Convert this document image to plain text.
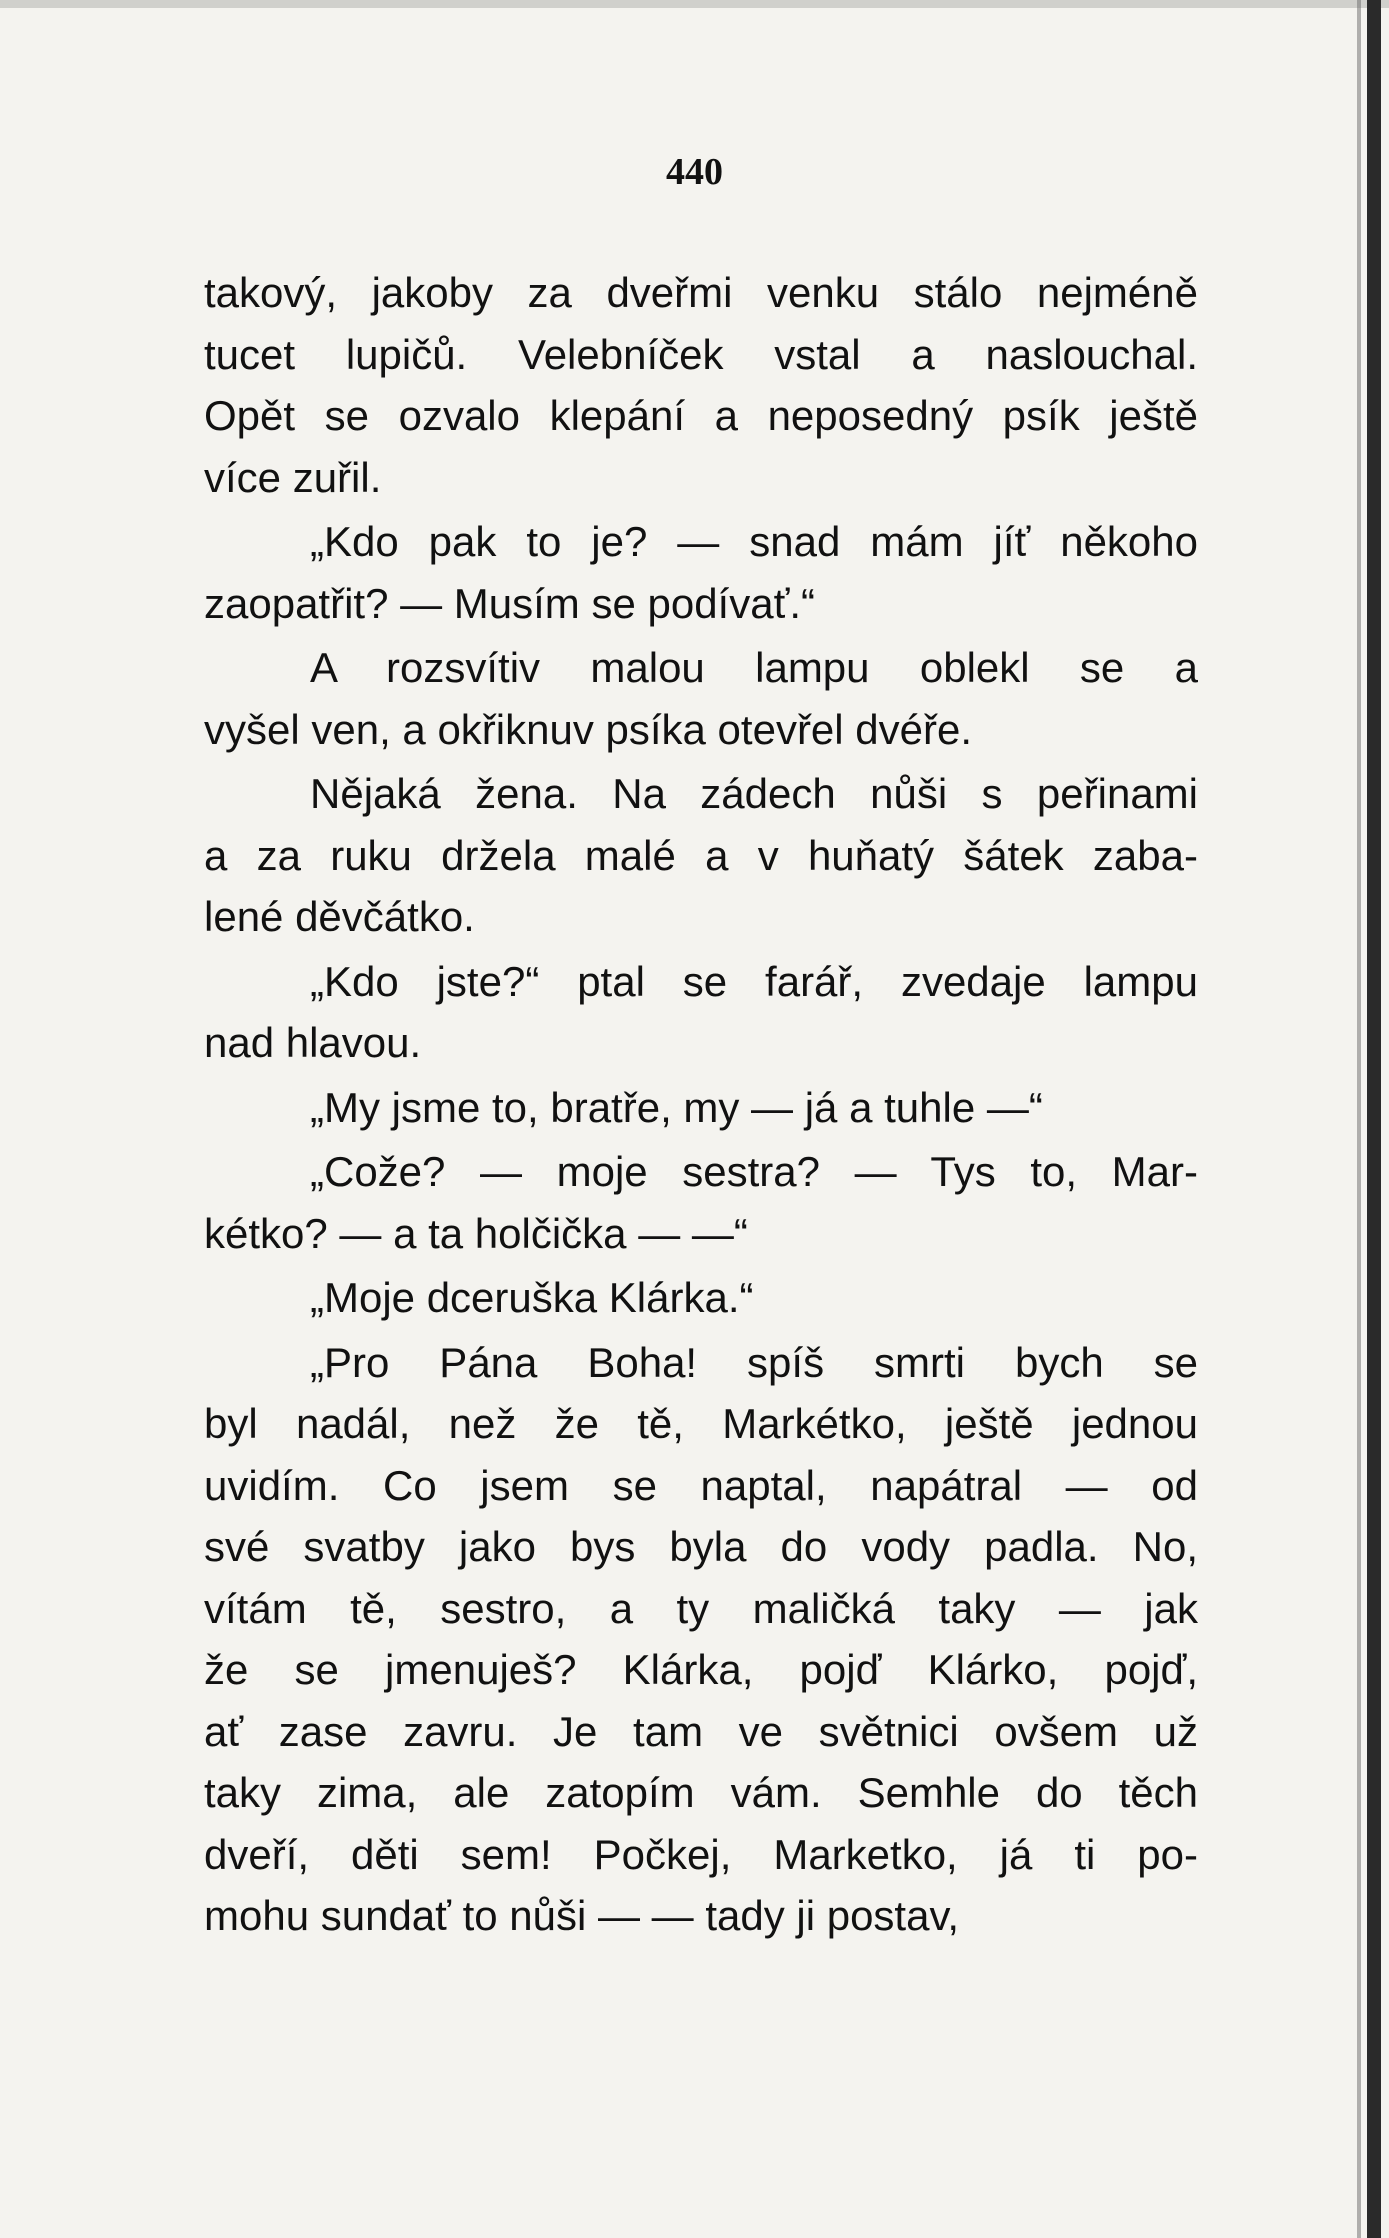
440
takový, jakoby za dveřmi venku stálo nejméně
tucet lupičů. Velebníček vstal a naslouchal.
Opět se ozvalo klepání a neposedný psík ještě
více zuřil.
„Kdo pak to je? — snad mám jíť někoho
zaopatřit? — Musím se podívať.“
A rozsvítiv malou lampu oblekl se a
vyšel ven, a okřiknuv psíka otevřel dvéře.
Nějaká žena. Na zádech nůši s peřinami
a za ruku držela malé a v huňatý šátek zaba-
lené děvčátko.
„Kdo jste?“ ptal se farář, zvedaje lampu
nad hlavou.
„My jsme to, bratře, my — já a tuhle —“
„Cože? — moje sestra? — Tys to, Mar-
kétko? — a ta holčička — —“
„Moje dceruška Klárka.“
„Pro Pána Boha! spíš smrti bych se
byl nadál, než že tě, Markétko, ještě jednou
uvidím. Co jsem se naptal, napátral — od
své svatby jako bys byla do vody padla. No,
vítám tě, sestro, a ty maličká taky — jak
že se jmenuješ? Klárka, pojď Klárko, pojď,
ať zase zavru. Je tam ve světnici ovšem už
taky zima, ale zatopím vám. Semhle do těch
dveří, děti sem! Počkej, Marketko, já ti po-
mohu sundať to nůši — — tady ji postav,
